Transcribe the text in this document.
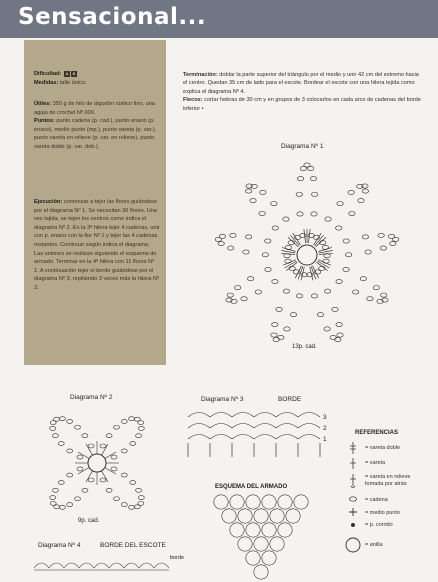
Sensacional...

Dificultad: A B

Medidas: talle único.

Útiles: 350 g de hilo de algodón rústico fino, una aguja de crochet Nº 000.

Puntos: punto cadena (p. cad.), punto enano (p. enano), medio punto (mp.), punto vareta (p. var.), punto vareta en relieve (p. var. en relieve), punto vareta doble (p. var. dob.).

Ejecución: comenzar a tejer las flores guiándose por el diagrama Nº 1. Se necesitan 36 flores. Una vez tejida, se tejen los centros como indica el diagrama Nº 2. En la 3ª hilera tejer 4 cadenas, unir con p. enano con la flor Nº 1 y tejer las 4 cadenas restantes. Continuar según indica el diagrama.

Las uniones se realizan siguiendo el esquema de armado. Terminar en la 4ª hilera con 11 flores Nº 1. A continuación tejer el borde guiándose por el diagrama Nº 3, repitiendo 3 veces más la hilera Nº 2.

Terminación: doblar la parte superior del triángulo por el medio y unir 42 cm del extremo hacia el centro. Quedan 35 cm de lado para el escote. Bordear el escote con una hilera tejida como explica el diagrama Nº 4.

Flecos: cortar hebras de 30 cm y en grupos de 3 colocarlos en cada arco de cadenas del borde inferior •

Diagrama Nº 1
13p. cad.
Diagrama Nº 2
9p. cad.
Diagrama Nº 3	BORDE
3
2
1
ESQUEMA DEL ARMADO
Diagrama Nº 4	BORDE DEL ESCOTE
borde
REFERENCIAS
= vareta doble
= vareta
= vareta en relieve tomada por atrás
= cadena
= medio punto
= p. corrido
= anilla
